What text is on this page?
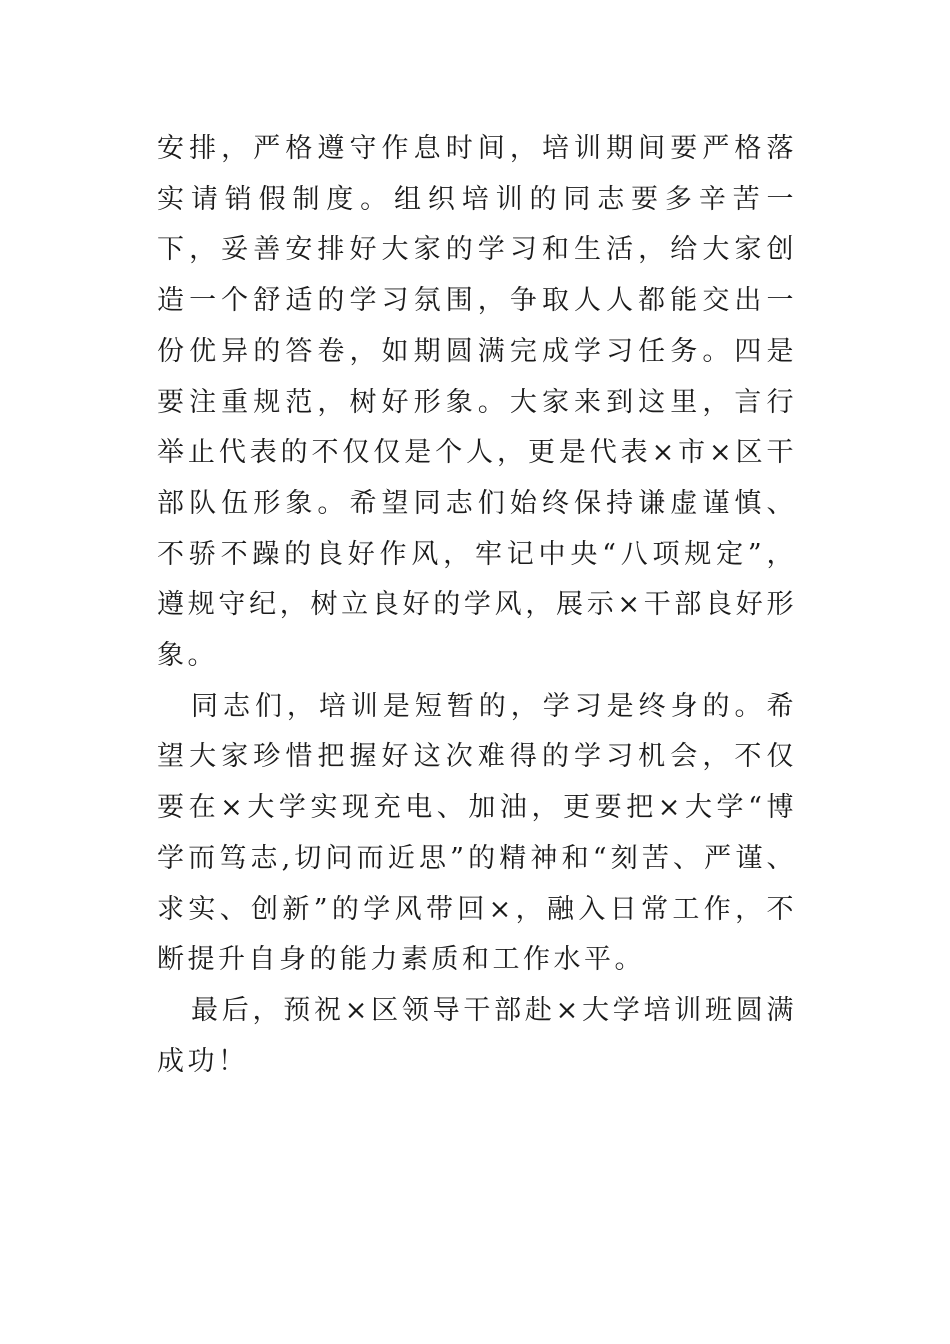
安排，严格遵守作息时间，培训期间要严格落实请销假制度。组织培训的同志要多辛苦一下，妥善安排好大家的学习和生活，给大家创造一个舒适的学习氛围，争取人人都能交出一份优异的答卷，如期圆满完成学习任务。四是要注重规范，树好形象。大家来到这里，言行举止代表的不仅仅是个人，更是代表×市×区干部队伍形象。希望同志们始终保持谦虚谨慎、不骄不躁的良好作风，牢记中央“八项规定”，遵规守纪，树立良好的学风，展示×干部良好形象。

同志们，培训是短暂的，学习是终身的。希望大家珍惜把握好这次难得的学习机会，不仅要在×大学实现充电、加油，更要把×大学“博学而笃志,切问而近思”的精神和“刻苦、严谨、求实、创新”的学风带回×，融入日常工作，不断提升自身的能力素质和工作水平。

最后，预祝×区领导干部赴×大学培训班圆满成功！
